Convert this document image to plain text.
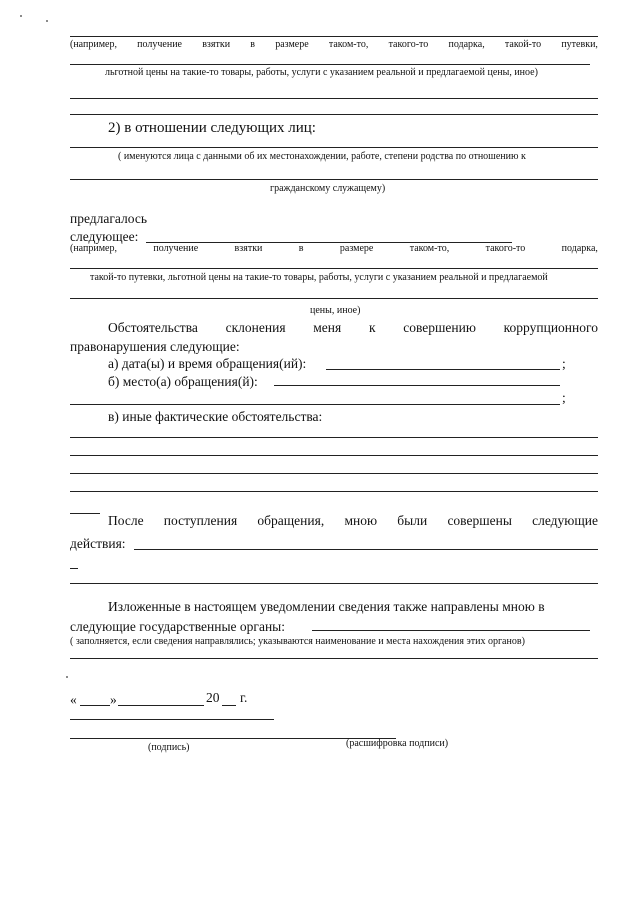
(например, получение взятки в размере таком-то, такого-то подарка, такой-то путевки,
льготной цены на такие-то товары, работы, услуги с указанием реальной и предлагаемой цены, иное)
2) в отношении следующих лиц:
( именуются лица с данными об их местонахождении, работе, степени родства по отношению к
гражданскому служащему)
предлагалось
следующее:
(например,	получение	взятки	в	размере	таком-то,	такого-то	подарка,
такой-то путевки, льготной цены на такие-то товары, работы, услуги с указанием реальной и предлагаемой
цены, иное)
Обстоятельства склонения меня к совершению коррупционного
правонарушения следующие:
а) дата(ы) и время обращения(ий):	;
б) место(а) обращения(й):
;
в) иные фактические обстоятельства:
После поступления обращения, мною были совершены следующие
действия:
Изложенные в настоящем уведомлении сведения также направлены мною в
следующие государственные органы:
( заполняется, если сведения направлялись; указываются наименование и места нахождения этих органов)
« »	20 г.
(подпись)	(расшифровка подписи)
